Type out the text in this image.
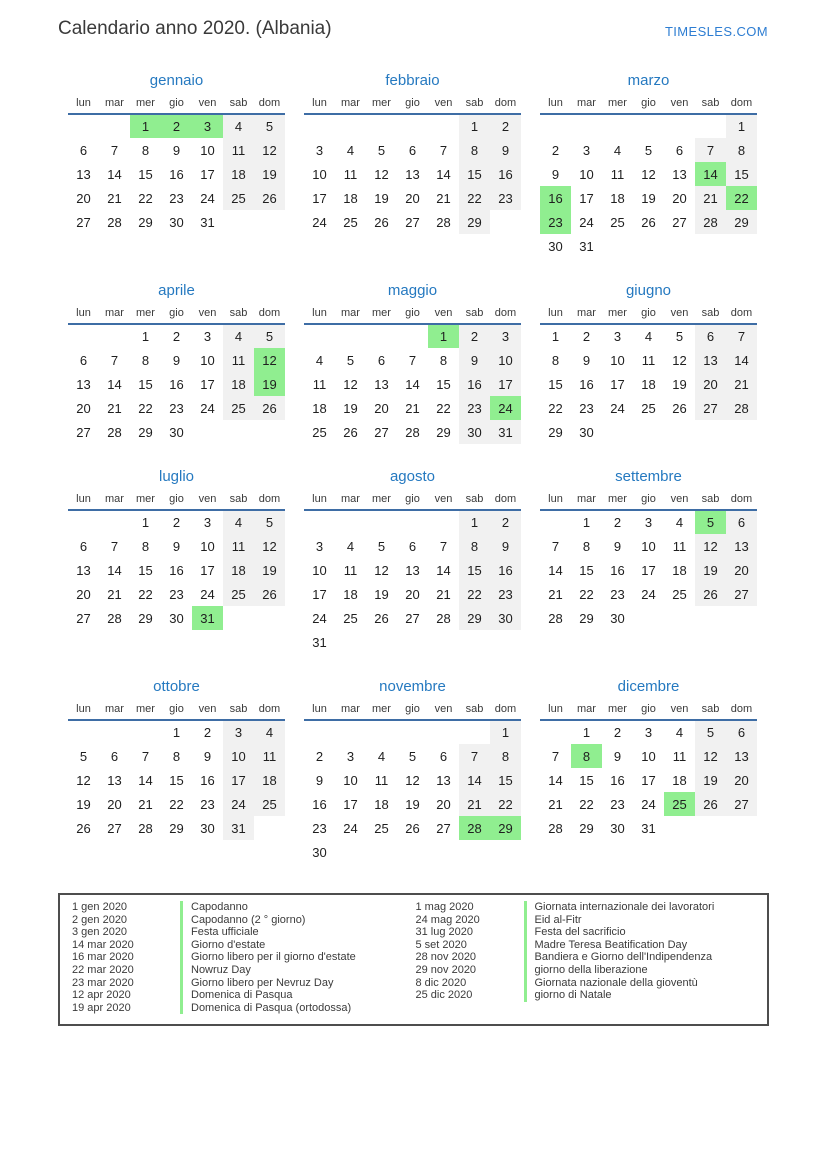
Calendario anno 2020. (Albania)	TIMESLES.COM
gennaio
lun	mar	mer	gio	ven	sab	dom
		1	2	3	4	5
6	7	8	9	10	11	12
13	14	15	16	17	18	19
20	21	22	23	24	25	26
27	28	29	30	31		
febbraio
lun	mar	mer	gio	ven	sab	dom
					1	2
3	4	5	6	7	8	9
10	11	12	13	14	15	16
17	18	19	20	21	22	23
24	25	26	27	28	29	
marzo
lun	mar	mer	gio	ven	sab	dom
						1
2	3	4	5	6	7	8
9	10	11	12	13	14	15
16	17	18	19	20	21	22
23	24	25	26	27	28	29
30	31					
aprile
lun	mar	mer	gio	ven	sab	dom
		1	2	3	4	5
6	7	8	9	10	11	12
13	14	15	16	17	18	19
20	21	22	23	24	25	26
27	28	29	30			
maggio
lun	mar	mer	gio	ven	sab	dom
				1	2	3
4	5	6	7	8	9	10
11	12	13	14	15	16	17
18	19	20	21	22	23	24
25	26	27	28	29	30	31
giugno
lun	mar	mer	gio	ven	sab	dom
1	2	3	4	5	6	7
8	9	10	11	12	13	14
15	16	17	18	19	20	21
22	23	24	25	26	27	28
29	30					
luglio
lun	mar	mer	gio	ven	sab	dom
		1	2	3	4	5
6	7	8	9	10	11	12
13	14	15	16	17	18	19
20	21	22	23	24	25	26
27	28	29	30	31		
agosto
lun	mar	mer	gio	ven	sab	dom
					1	2
3	4	5	6	7	8	9
10	11	12	13	14	15	16
17	18	19	20	21	22	23
24	25	26	27	28	29	30
31						
settembre
lun	mar	mer	gio	ven	sab	dom
	1	2	3	4	5	6
7	8	9	10	11	12	13
14	15	16	17	18	19	20
21	22	23	24	25	26	27
28	29	30				
ottobre
lun	mar	mer	gio	ven	sab	dom
			1	2	3	4
5	6	7	8	9	10	11
12	13	14	15	16	17	18
19	20	21	22	23	24	25
26	27	28	29	30	31	
novembre
lun	mar	mer	gio	ven	sab	dom
						1
2	3	4	5	6	7	8
9	10	11	12	13	14	15
16	17	18	19	20	21	22
23	24	25	26	27	28	29
30						
dicembre
lun	mar	mer	gio	ven	sab	dom
	1	2	3	4	5	6
7	8	9	10	11	12	13
14	15	16	17	18	19	20
21	22	23	24	25	26	27
28	29	30	31			
1 gen 2020	Capodanno
2 gen 2020	Capodanno (2 ° giorno)
3 gen 2020	Festa ufficiale
14 mar 2020	Giorno d'estate
16 mar 2020	Giorno libero per il giorno d'estate
22 mar 2020	Nowruz Day
23 mar 2020	Giorno libero per Nevruz Day
12 apr 2020	Domenica di Pasqua
19 apr 2020	Domenica di Pasqua (ortodossa)
1 mag 2020	Giornata internazionale dei lavoratori
24 mag 2020	Eid al-Fitr
31 lug 2020	Festa del sacrificio
5 set 2020	Madre Teresa Beatification Day
28 nov 2020	Bandiera e Giorno dell'Indipendenza
29 nov 2020	giorno della liberazione
8 dic 2020	Giornata nazionale della gioventù
25 dic 2020	giorno di Natale
